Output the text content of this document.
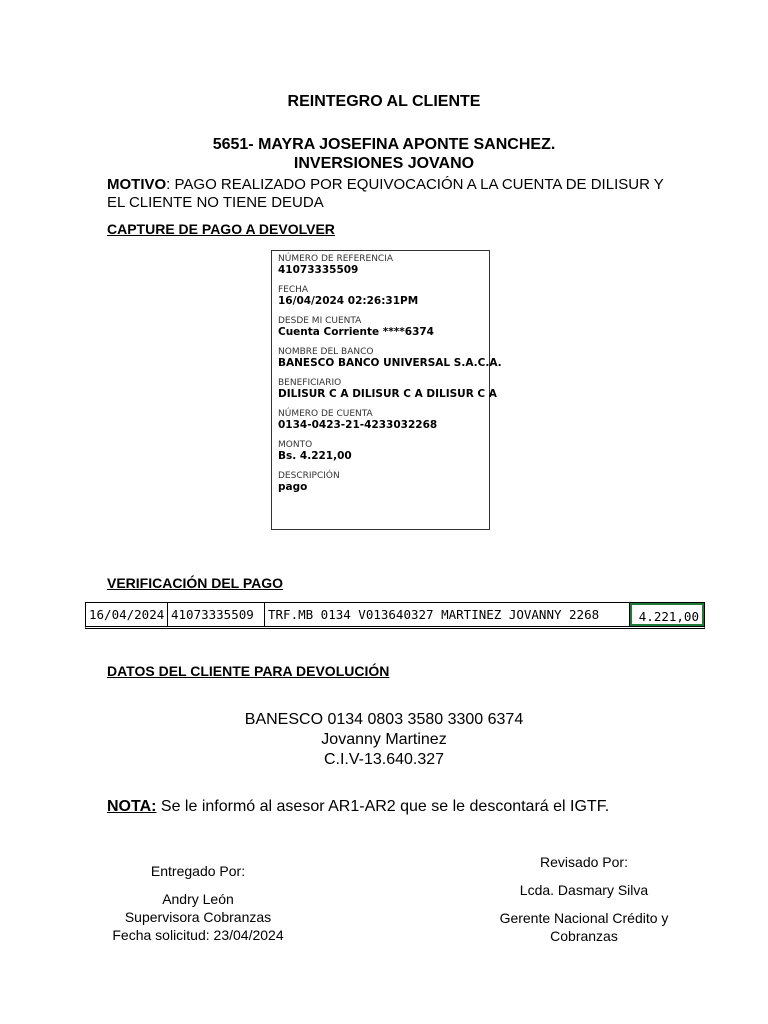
REINTEGRO AL CLIENTE
5651- MAYRA JOSEFINA APONTE SANCHEZ.
INVERSIONES JOVANO
MOTIVO: PAGO REALIZADO POR EQUIVOCACIÓN A LA CUENTA DE DILISUR Y EL CLIENTE NO TIENE DEUDA
CAPTURE DE PAGO A DEVOLVER
NÚMERO DE REFERENCIA
41073335509
FECHA
16/04/2024 02:26:31PM
DESDE MI CUENTA
Cuenta Corriente ****6374
NOMBRE DEL BANCO
BANESCO BANCO UNIVERSAL S.A.C.A.
BENEFICIARIO
DILISUR C A DILISUR C A DILISUR C A
NÚMERO DE CUENTA
0134-0423-21-4233032268
MONTO
Bs. 4.221,00
DESCRIPCIÓN
pago
VERIFICACIÓN DEL PAGO
16/04/2024 41073335509	TRF.MB 0134 V013640327 MARTINEZ JOVANNY 2268	4.221,00
DATOS DEL CLIENTE PARA DEVOLUCIÓN
BANESCO 0134 0803 3580 3300 6374
Jovanny Martinez
C.I.V-13.640.327
NOTA: Se le informó al asesor AR1-AR2 que se le descontará el IGTF.
Entregado Por:
Andry León
Supervisora Cobranzas
Fecha solicitud: 23/04/2024
Revisado Por:
Lcda. Dasmary Silva
Gerente Nacional Crédito y Cobranzas
